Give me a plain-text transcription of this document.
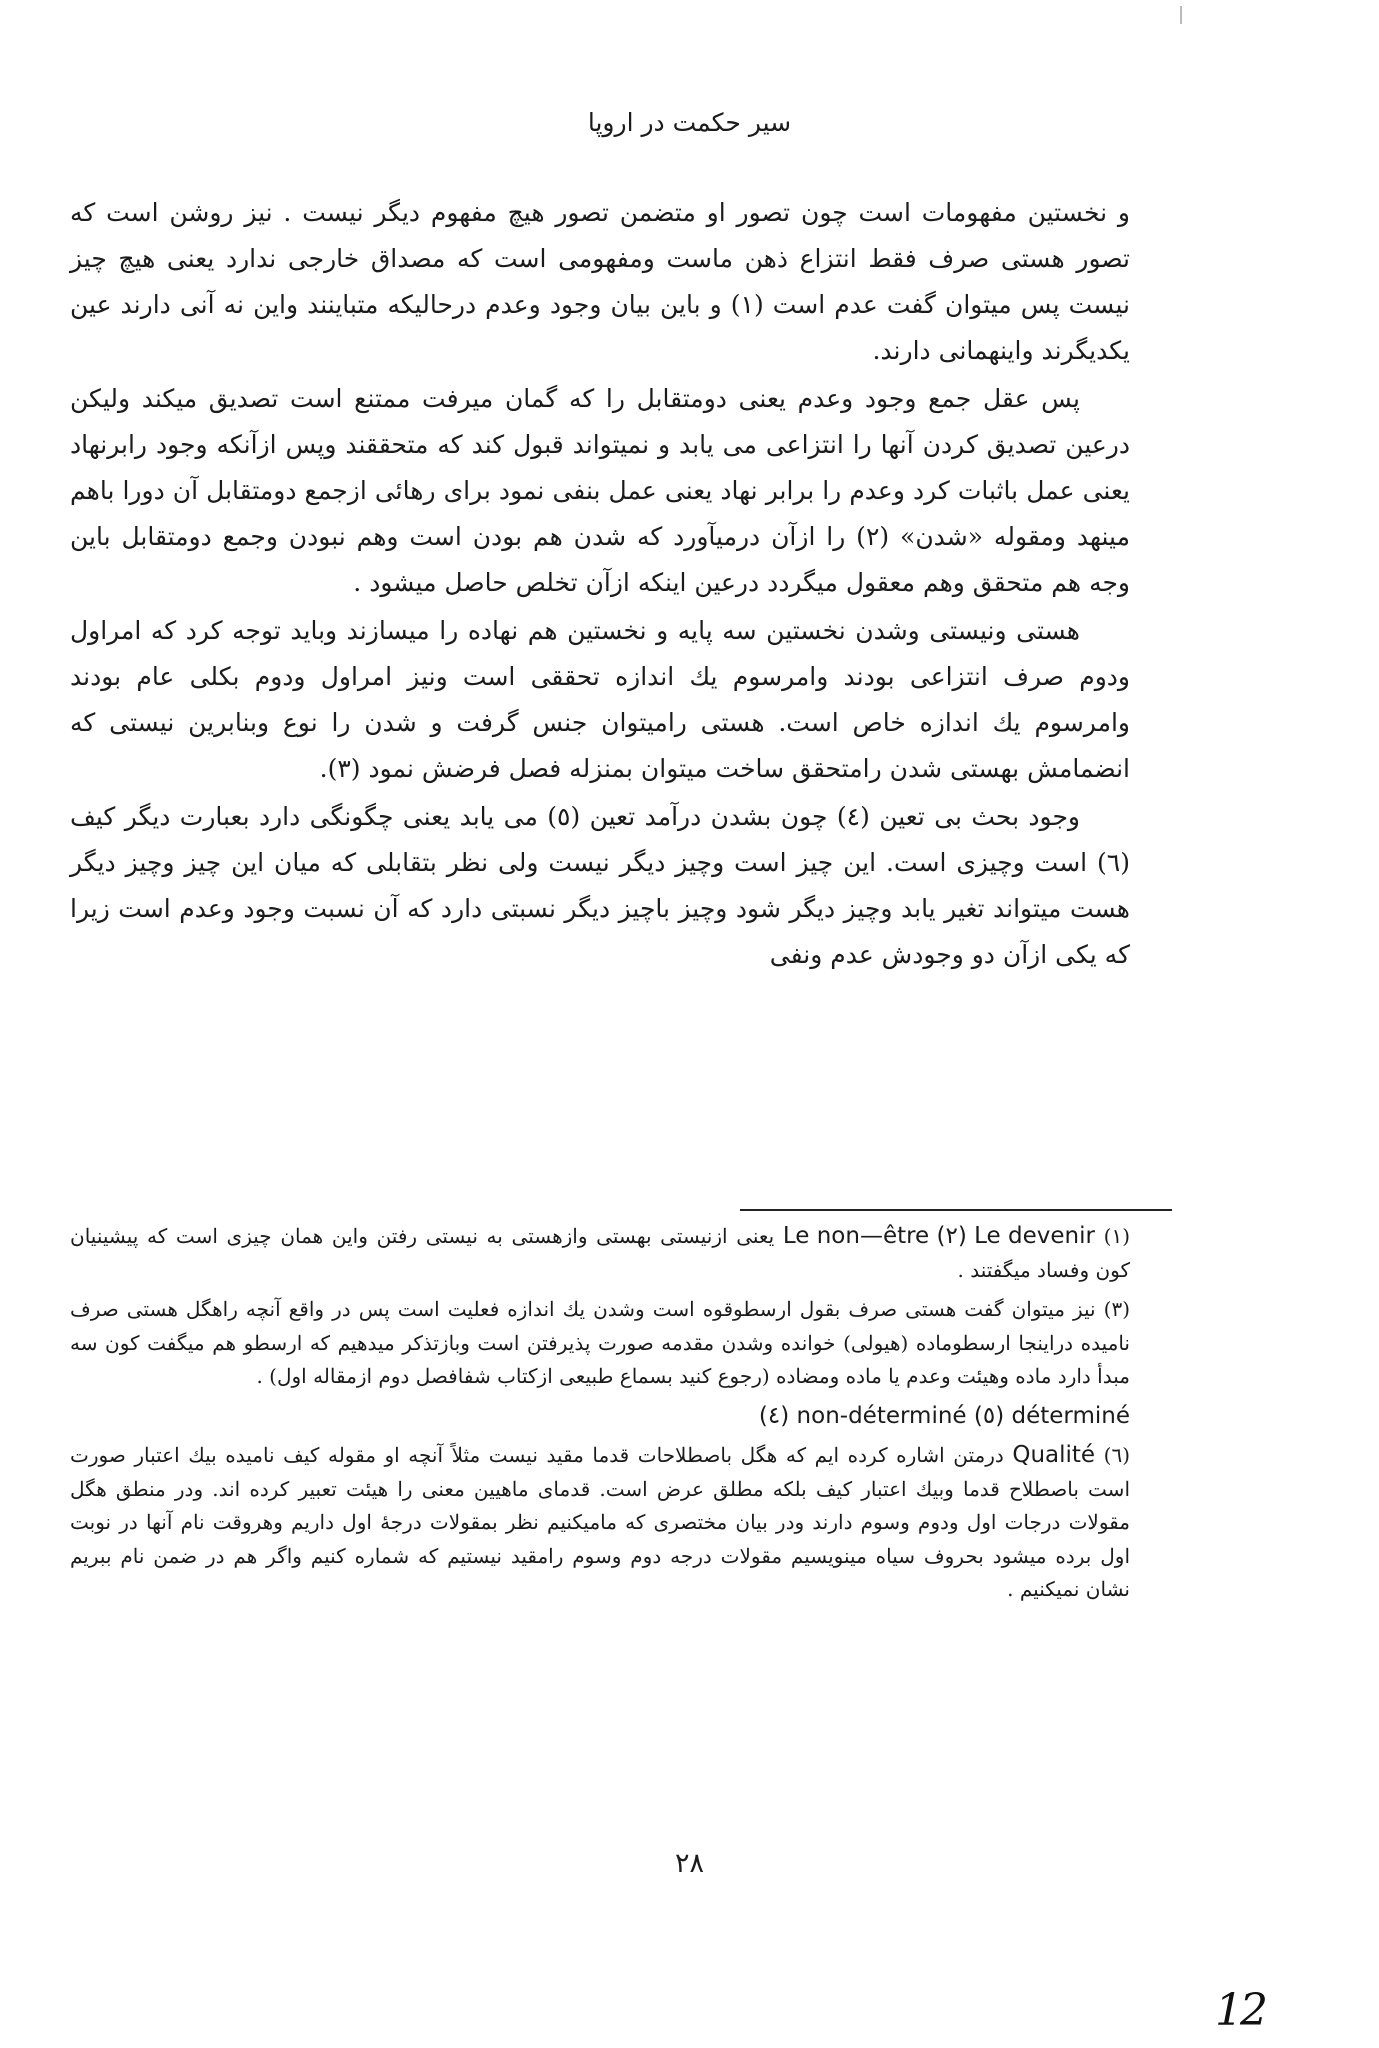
سیر حکمت در اروپا

و نخستین مفهومات است چون تصور او متضمن تصور هیچ مفهوم دیگر نیست . نیز روشن است که تصور هستی صرف فقط انتزاع ذهن ماست ومفهومی است که مصداق خارجی ندارد یعنی هیچ چیز نیست پس میتوان گفت عدم است (١) و باین بیان وجود وعدم درحالیکه متباینند واین نه آنی دارند عین یکدیگرند واینهمانی دارند.

پس عقل جمع وجود وعدم یعنی دومتقابل را که گمان میرفت ممتنع است تصدیق میکند ولیکن درعین تصدیق کردن آنها را انتزاعی می یابد و نمیتواند قبول کند که متحققند وپس ازآنکه وجود رابرنهاد یعنی عمل باثبات کرد وعدم را برابر نهاد یعنی عمل بنفی نمود برای رهائی ازجمع دومتقابل آن دورا باهم مینهد ومقوله «شدن» (٢) را ازآن درمیآورد که شدن هم بودن است وهم نبودن وجمع دومتقابل باین وجه هم متحقق وهم معقول میگردد درعین اینکه ازآن تخلص حاصل میشود .

هستی ونیستی وشدن نخستین سه پایه و نخستین هم نهاده را میسازند وباید توجه کرد که امراول ودوم صرف انتزاعی بودند وامرسوم یك اندازه تحققی است ونیز امراول ودوم بکلی عام بودند وامرسوم یك اندازه خاص است. هستی رامیتوان جنس گرفت و شدن را نوع وبنابرین نیستی که انضمامش بهستی شدن رامتحقق ساخت میتوان بمنزله فصل فرضش نمود (٣).

وجود بحث بی تعین (٤) چون بشدن درآمد تعین (٥) می یابد یعنی چگونگی دارد بعبارت دیگر کیف (٦) است وچیزی است. این چیز است وچیز دیگر نیست ولی نظر بتقابلی که میان این چیز وچیز دیگر هست میتواند تغیر یابد وچیز دیگر شود وچیز باچیز دیگر نسبتی دارد که آن نسبت وجود وعدم است زیرا که یکی ازآن دو وجودش عدم ونفی

(١) Le non—être (٢) Le devenir یعنی ازنیستی بهستی وازهستی به نیستی رفتن واین همان چیزی است که پیشینیان کون وفساد میگفتند .

(٣) نیز میتوان گفت هستی صرف بقول ارسطوقوه است وشدن یك اندازه فعلیت است پس در واقع آنچه راهگل هستی صرف نامیده دراینجا ارسطوماده (هیولی) خوانده وشدن مقدمه صورت پذیرفتن است وبازتذکر میدهیم که ارسطو هم میگفت کون سه مبدأ دارد ماده وهیئت وعدم یا ماده ومضاده (رجوع کنید بسماع طبیعی ازکتاب شفافصل دوم ازمقاله اول) .

(٤) non-déterminé (٥) déterminé

(٦) Qualité درمتن اشاره کرده ایم که هگل باصطلاحات قدما مقید نیست مثلاً آنچه او مقوله کیف نامیده بیك اعتبار صورت است باصطلاح قدما وبیك اعتبار کیف بلکه مطلق عرض است. قدمای ماهیین معنی را هیئت تعبیر کرده اند. ودر منطق هگل مقولات درجات اول ودوم وسوم دارند ودر بیان مختصری که مامیکنیم نظر بمقولات درجهٔ اول داریم وهروقت نام آنها در نوبت اول برده میشود بحروف سیاه مینویسیم مقولات درجه دوم وسوم رامقید نیستیم که شماره کنیم واگر هم در ضمن نام ببریم نشان نمیکنیم .

٢٨
12
